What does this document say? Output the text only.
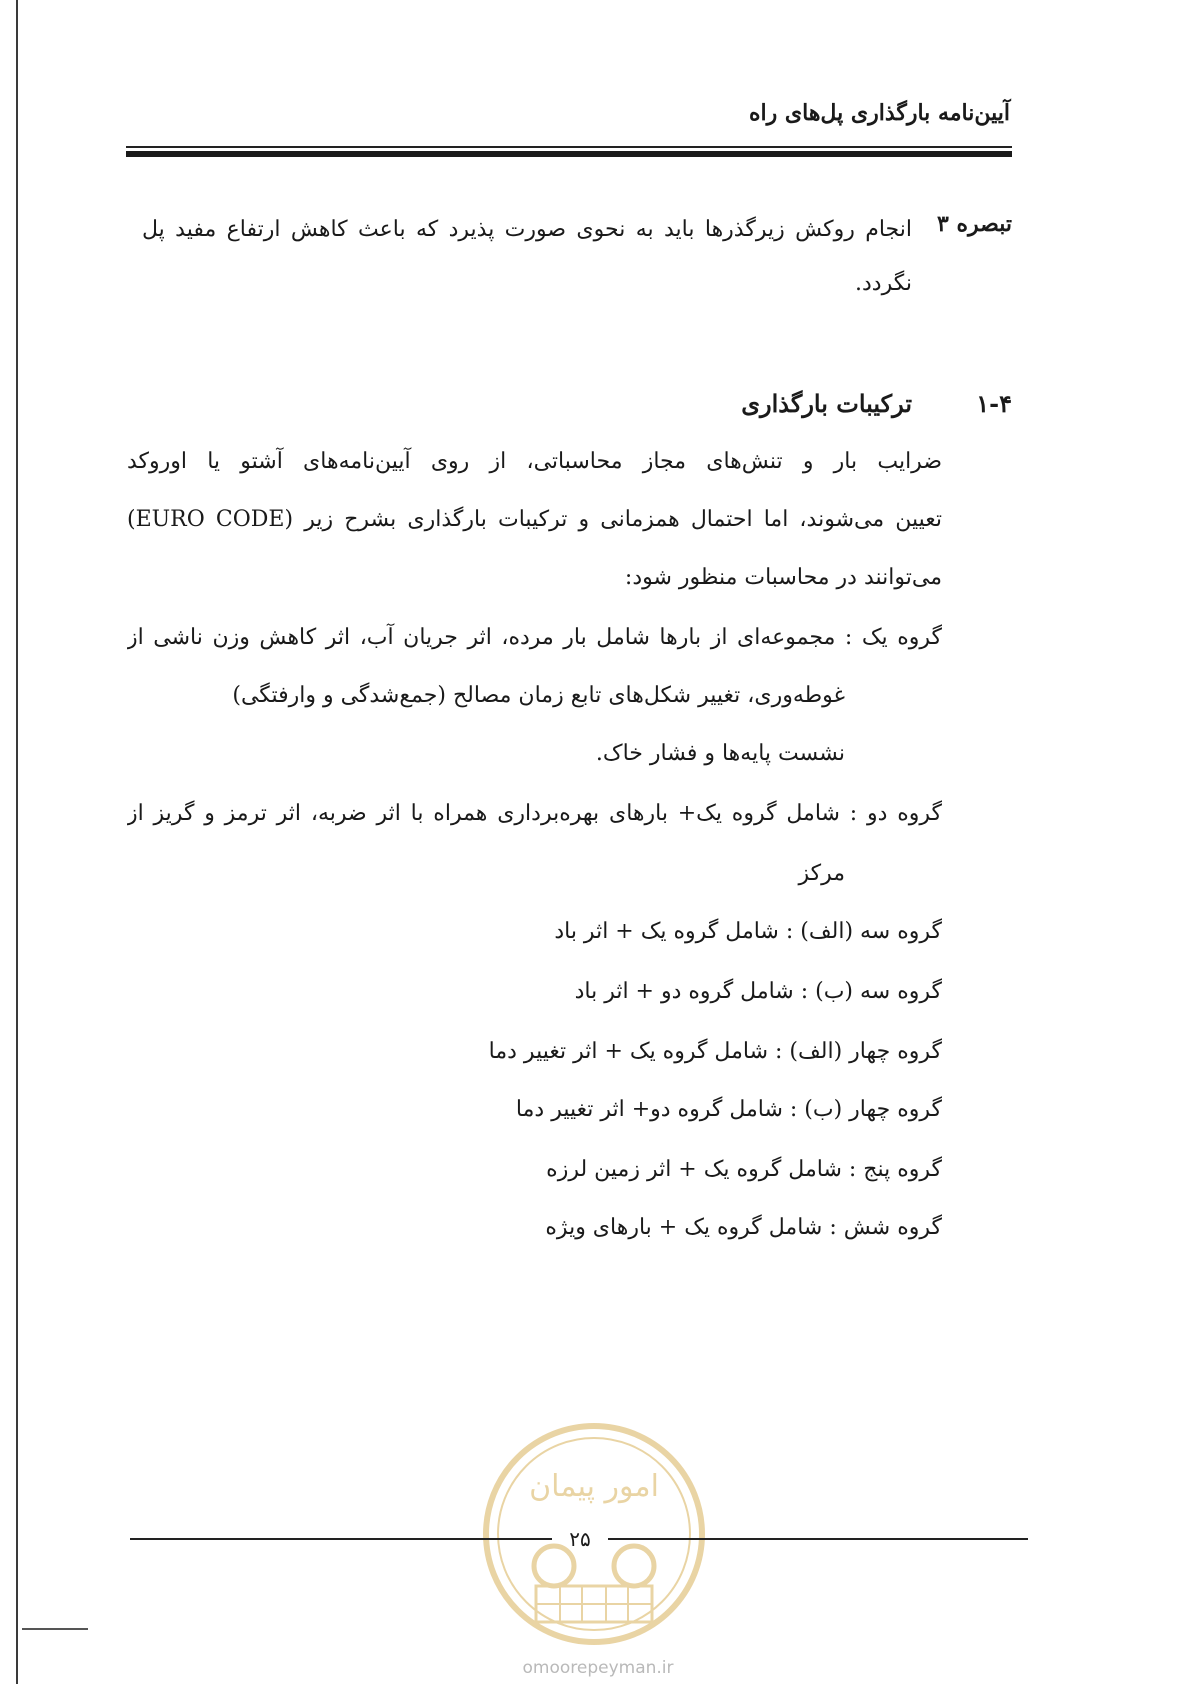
آیین‌نامه بارگذاری پل‌های راه
تبصره ۳
انجام روکش زیرگذرها باید به نحوی صورت پذیرد که باعث کاهش ارتفاع مفید پل
نگردد.
۱-۴
ترکیبات بارگذاری
ضرایب بار و تنش‌های مجاز محاسباتی، از روی آیین‌نامه‌های آشتو یا اوروکد
(EURO CODE) تعیین می‌شوند، اما احتمال همزمانی و ترکیبات بارگذاری بشرح زیر
می‌توانند در محاسبات منظور شود:
گروه یک : مجموعه‌ای از بارها شامل بار مرده، اثر جریان آب، اثر کاهش وزن ناشی از
غوطه‌وری، تغییر شکل‌های تابع زمان مصالح (جمع‌شدگی و وارفتگی)
نشست پایه‌ها و فشار خاک.
گروه دو : شامل گروه یک+ بارهای بهره‌برداری همراه با اثر ضربه، اثر ترمز و گریز از
مرکز
گروه سه (الف) : شامل گروه یک + اثر باد
گروه سه (ب) : شامل گروه دو + اثر باد
گروه چهار (الف) : شامل گروه یک + اثر تغییر دما
گروه چهار (ب) : شامل گروه دو+ اثر تغییر دما
گروه پنج : شامل گروه یک + اثر زمین لرزه
گروه شش : شامل گروه یک + بارهای ویژه
امور پیمان
۲۵
omoorepeyman.ir
